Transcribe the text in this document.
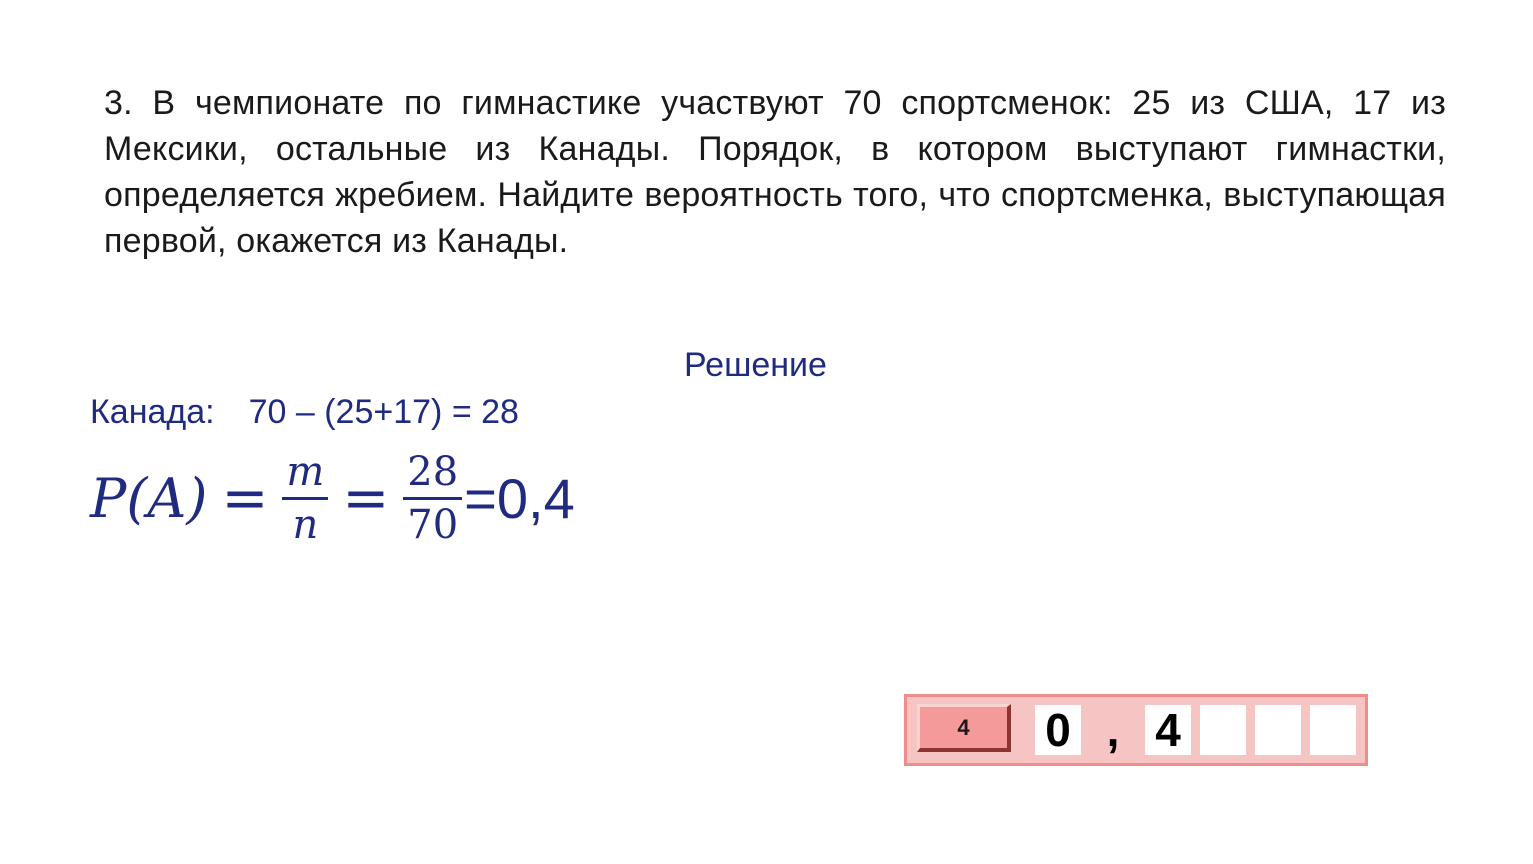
3. В чемпионате по гимнастике участвуют 70 спортсменок: 25 из США, 17 из Мексики, остальные из Канады. Порядок, в котором выступают гимнастки, определяется жребием. Найдите вероятность того, что спортсменка, выступающая первой, окажется из Канады.
Решение
Канада: 70 – (25+17) = 28
$P(A) = \frac{m}{n} = \frac{28}{70} =0,4$
4	0 , 4
